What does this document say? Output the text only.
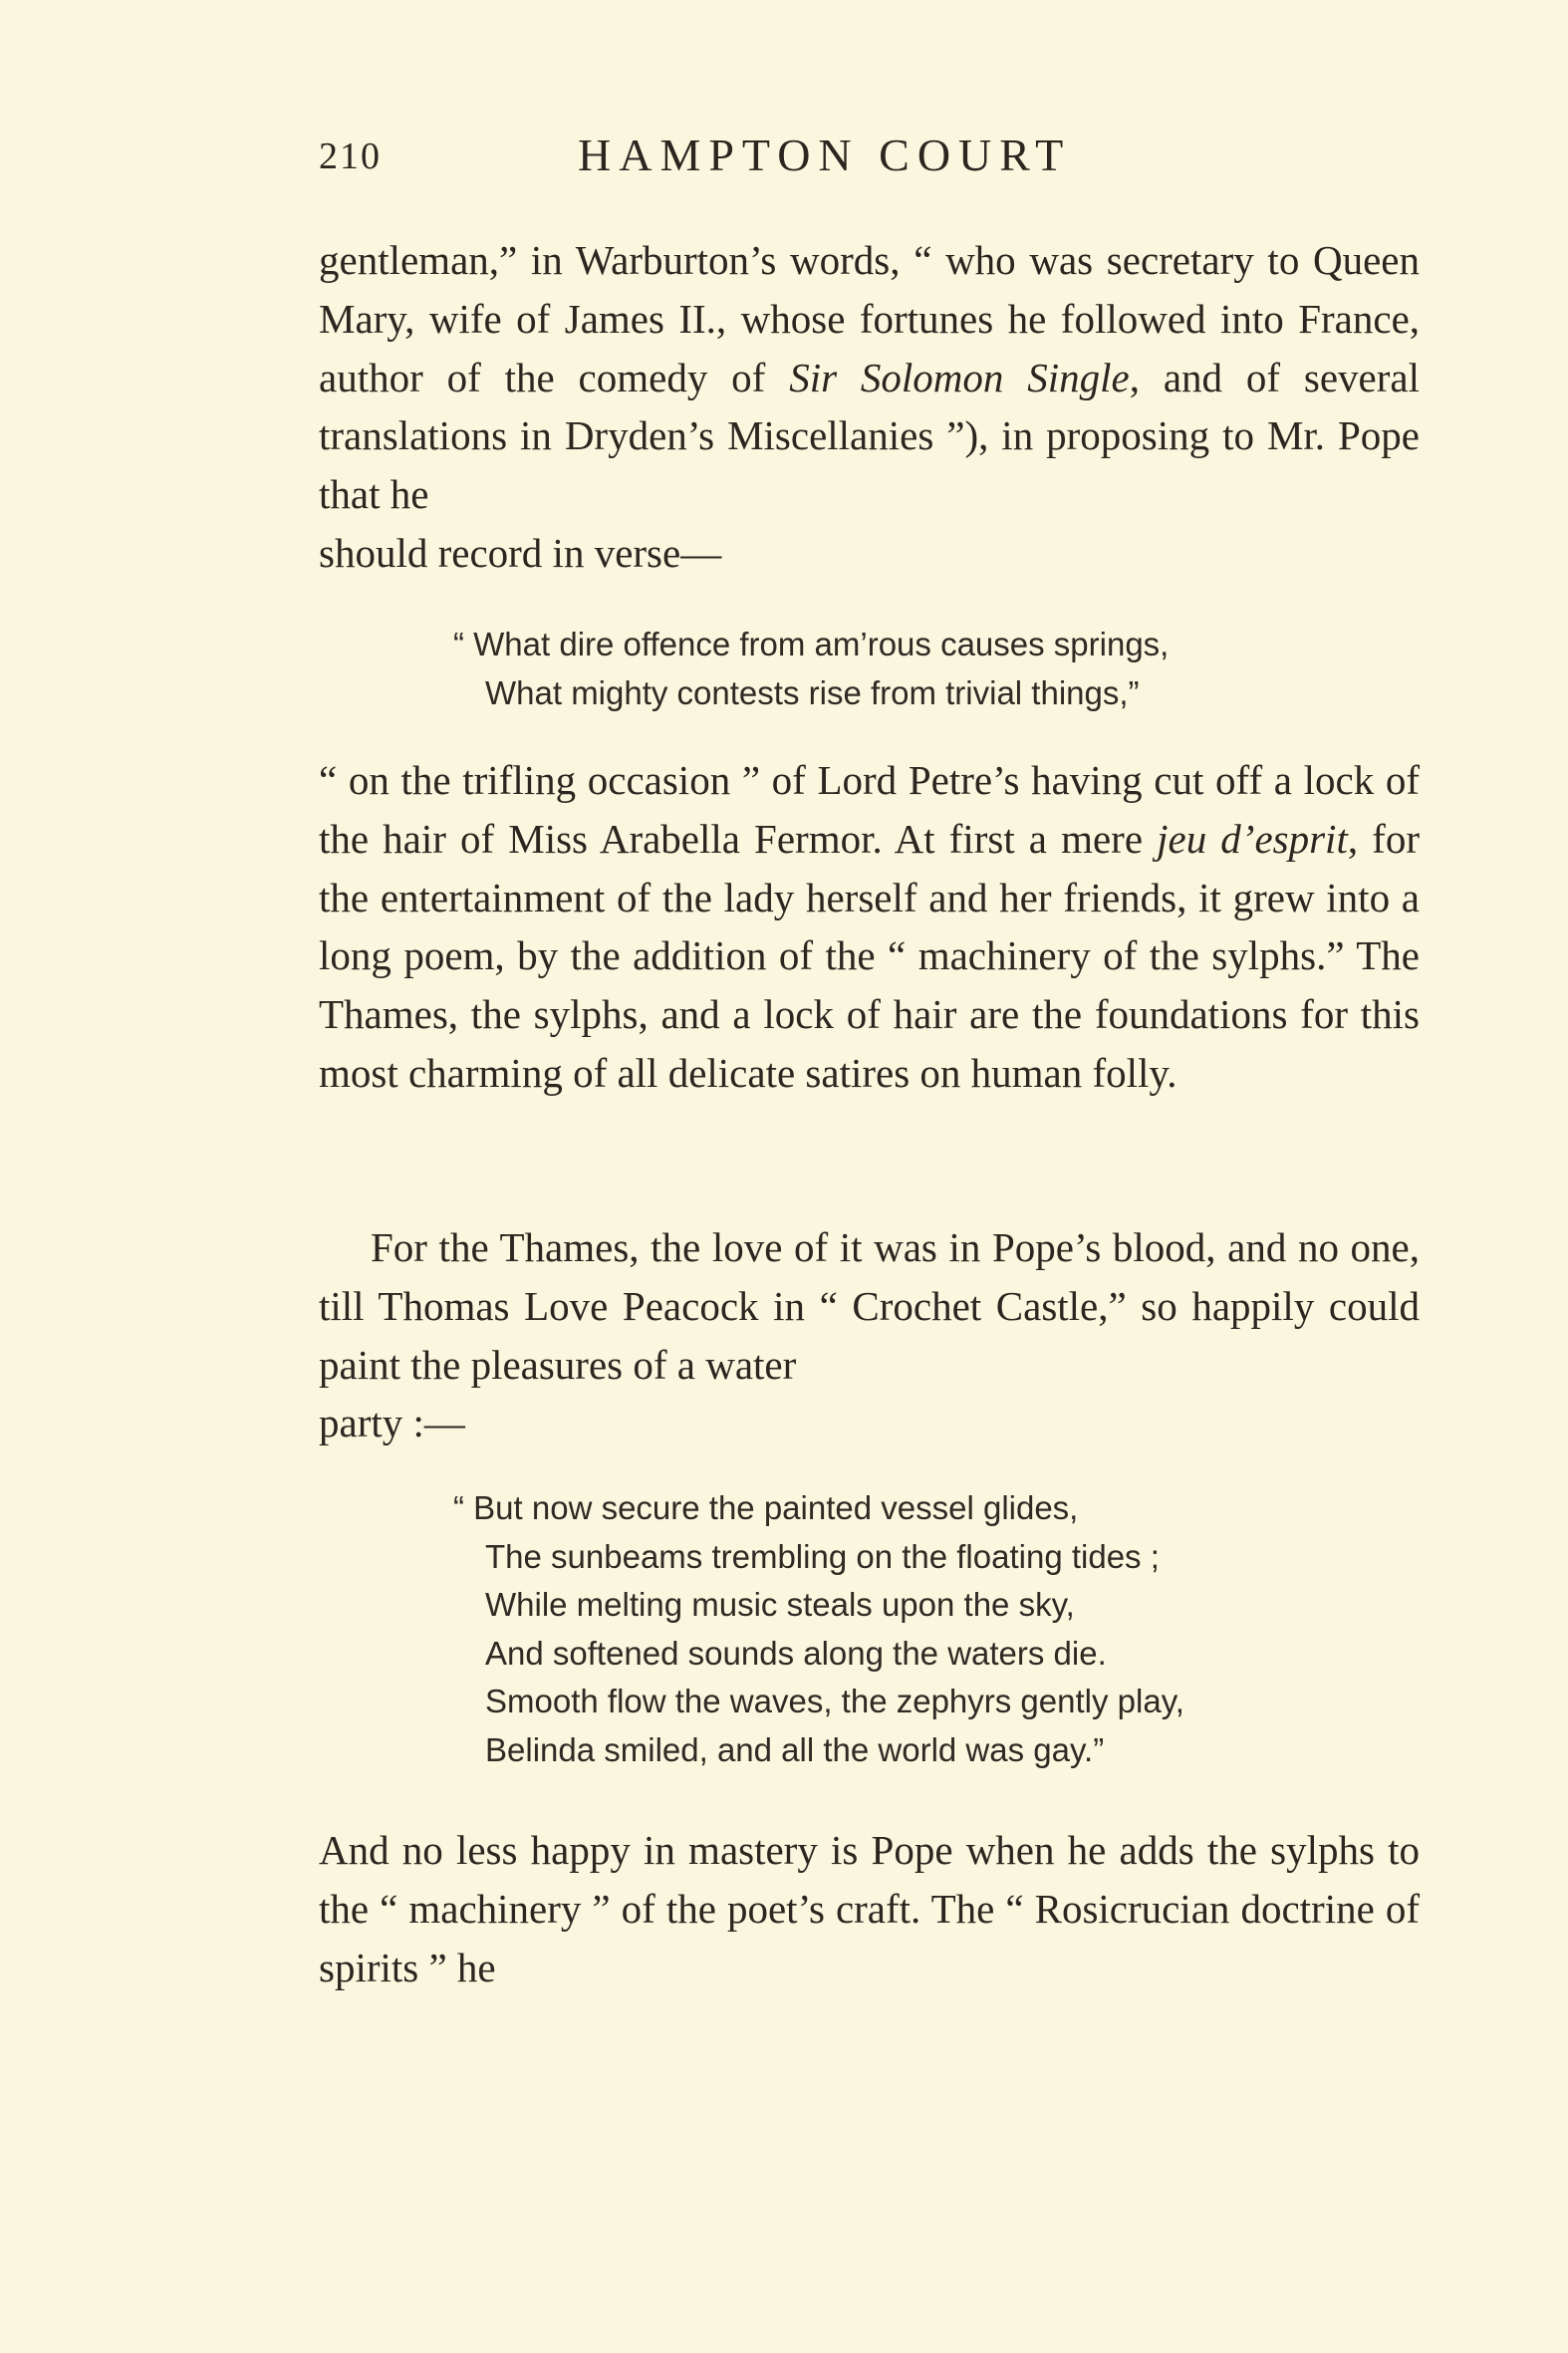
210	HAMPTON COURT

gentleman,” in Warburton’s words, “ who was secretary to Queen Mary, wife of James II., whose fortunes he followed into France, author of the comedy of Sir Solomon Single, and of several translations in Dryden’s Miscellanies ”), in proposing to Mr. Pope that he
should record in verse—

“ What dire offence from am’rous causes springs,
What mighty contests rise from trivial things,”

“ on the trifling occasion ” of Lord Petre’s having cut off a lock of the hair of Miss Arabella Fermor. At first a mere jeu d’esprit, for the entertainment of the lady herself and her friends, it grew into a long poem, by the addition of the “ machinery of the sylphs.” The Thames, the sylphs, and a lock of hair are the foundations for this most charming of all delicate satires on human folly.

For the Thames, the love of it was in Pope’s blood, and no one, till Thomas Love Peacock in “ Crochet Castle,” so happily could paint the pleasures of a water

party :—
“ But now secure the painted vessel glides,
The sunbeams trembling on the floating tides ;
While melting music steals upon the sky,
And softened sounds along the waters die.
Smooth flow the waves, the zephyrs gently play,
Belinda smiled, and all the world was gay.”

And no less happy in mastery is Pope when he adds the sylphs to the “ machinery ” of the poet’s craft. The “ Rosicrucian doctrine of spirits ” he
